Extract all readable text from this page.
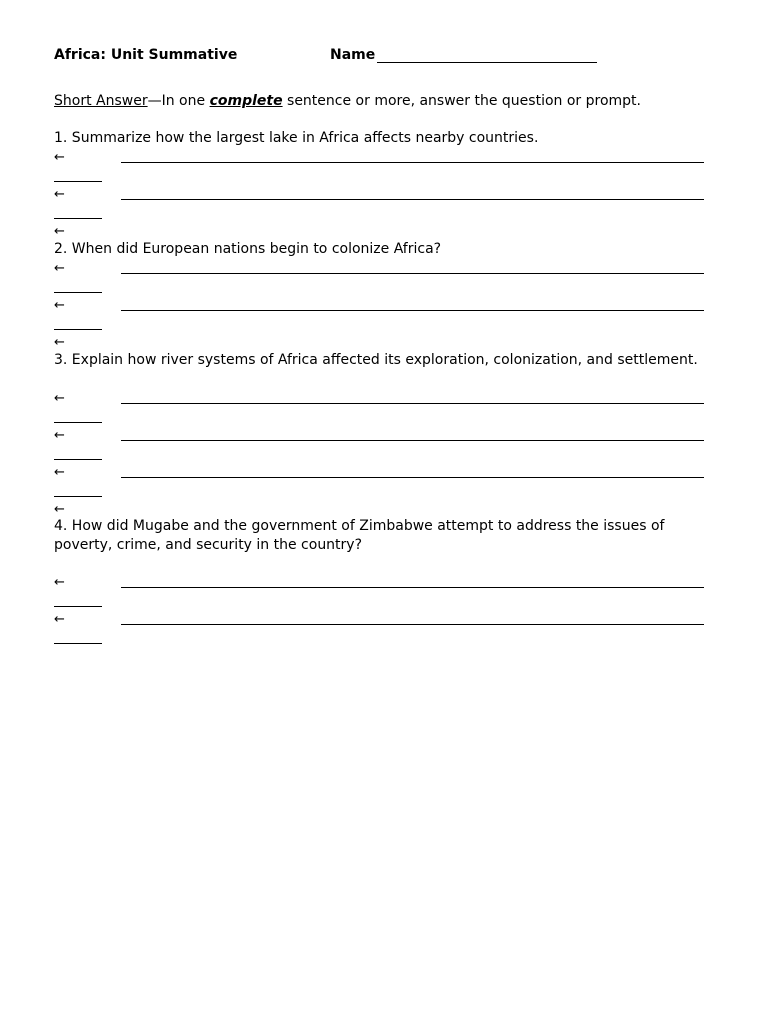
Africa: Unit Summative	Name
Short Answer—In one complete sentence or more, answer the question or prompt.
1. Summarize how the largest lake in Africa affects nearby countries.
←
←
←
2. When did European nations begin to colonize Africa?
←
←
←
3. Explain how river systems of Africa affected its exploration, colonization, and settlement.
←
←
←
←
4. How did Mugabe and the government of Zimbabwe attempt to address the issues of poverty, crime, and security in the country?
←
←
